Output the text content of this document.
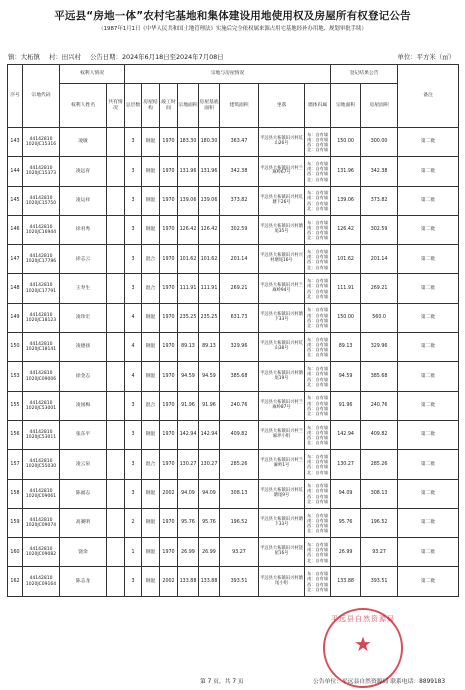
平远县“房地一体”农村宅基地和集体建设用地使用权及房屋所有权登记公告
（1987年1月1日《中华人民共和国土地管理法》实施后完全依权属来源占用宅基地经补办用地、规划审批手续）
镇：大柘镇 村：田兴村 公告日期：2024年6月18日至2024年7月08日	单位：平方米（㎡）
序号	宗地代码	权利人情况		宗地与房屋情况								登记结果公告		备注
		权利人姓名	共有情况	总层数	房屋结构	竣工时间	宗地面积	房屋基底面积	建筑面积	坐落	墙体归属	宗地面积	房屋面积	
143	44142810 1020JC15316	凌敏		3	钢混	1970	183.30	180.30	363.47	平远县大柘镇田兴村坑山26号	东：自有墙南：自有墙西：自有墙北：自有墙	150.00	300.00	第二批
144	44142810 1020JC15373	凌远育		3	钢混	1970	131.96	131.96	342.38	平远县大柘镇田兴村兰麻岭67号	东：自有墙南：自有墙西：自有墙北：自有墙	131.96	342.38	第二批
145	44142810 1020JC15750	凌运祥		3	钢混	1970	139.06	139.06	373.82	平远县大柘镇田兴村坑塘下26号	东：自有墙南：自有墙西：自有墙北：自有墙	139.06	373.82	第二批
146	44142810 1020JC16944	徐君秀		3	钢混	1970	126.42	126.42	302.59	平远县大柘镇田兴村塘尾35号	东：自有墙南：自有墙西：自有墙北：自有墙	126.42	302.59	第二批
147	44142810 1020JC17786	徐志云		3	混合	1970	101.62	101.62	201.14	平远县大柘镇田兴村兴村塘尾16号	东：自有墙南：自有墙西：自有墙北：自有墙	101.62	201.14	第二批
148	44142810 1020JC17791	王寿生		3	混合	1970	111.91	111.91	269.21	平远县大柘镇田兴村兰麻岭94号	东：自有墙南：自有墙西：自有墙北：自有墙	111.91	269.21	第二批
149	44142810 1020JC18123	凌珍宏		4	钢混	1970	235.25	235.25	631.73	平远县大柘镇田兴村塘下33号	东：自有墙南：自有墙西：自有墙北：自有墙	150.00	560.0	第二批
150	44142810 1020JC18141	凌德扬		4	钢混	1970	89.13	89.13	329.96	平远县大柘镇田兴村坑山38号	东：自有墙南：自有墙西：自有墙北：自有墙	89.13	329.96	第二批
153	44142810 1020JC09006	徐金志		4	钢混	1970	94.59	94.59	385.68	平远县大柘镇田兴村塘尾19号	东：自有墙南：自有墙西：自有墙北：自有墙	94.59	385.68	第二批
155	44142810 1020JC53001	凌国梅		3	混合	1970	91.96	91.96	240.76	平远县大柘镇田兴村兰麻岭87号	东：自有墙南：自有墙西：自有墙北：自有墙	91.96	240.76	第二批
156	44142810 1020JC53011	张东平		3	钢混	1970	142.94	142.94	409.82	平远县大柘镇田兴村兰麻坪小组	东：自有墙南：自有墙西：自有墙北：自有墙	142.94	409.82	第二批
157	44142810 1020JC55030	凌云泉		3	混合	1970	130.27	130.27	285.26	平远县大柘镇田兴村兰麻岭1号	东：自有墙南：自有墙西：自有墙北：自有墙	130.27	285.26	第二批
158	44142810 1020JC09061	陈福志		3	钢混	2002	94.09	94.09	308.13	平远县大柘镇田兴村坑塘尾9号	东：自有墙南：自有墙西：自有墙北：自有墙	94.09	308.13	第二批
159	44142810 1020JC09074	高赛明		2	钢混	1970	95.76	95.76	196.52	平远县大柘镇田兴村塘下33号	东：自有墙南：自有墙西：自有墙北：自有墙	95.76	196.52	第二批
160	44142810 1020JC09082	饶余		1	钢混	1970	26.99	26.99	93.27	平远县大柘镇田兴村饶屋16号	东：自有墙南：自有墙西：自有墙北：自有墙	26.99	93.27	第二批
162	44142810 1020JC09164	陈志龙		3	钢混	2002	133.88	133.88	393.51	平远县大柘镇田兴村塘尾小组	东：自有墙南：自有墙西：自有墙北：自有墙	133.88	393.51	第二批
平远县自然资源局
★
第 7 页，共 7 页	公告单位：平远县自然资源局 联系电话：8899183
